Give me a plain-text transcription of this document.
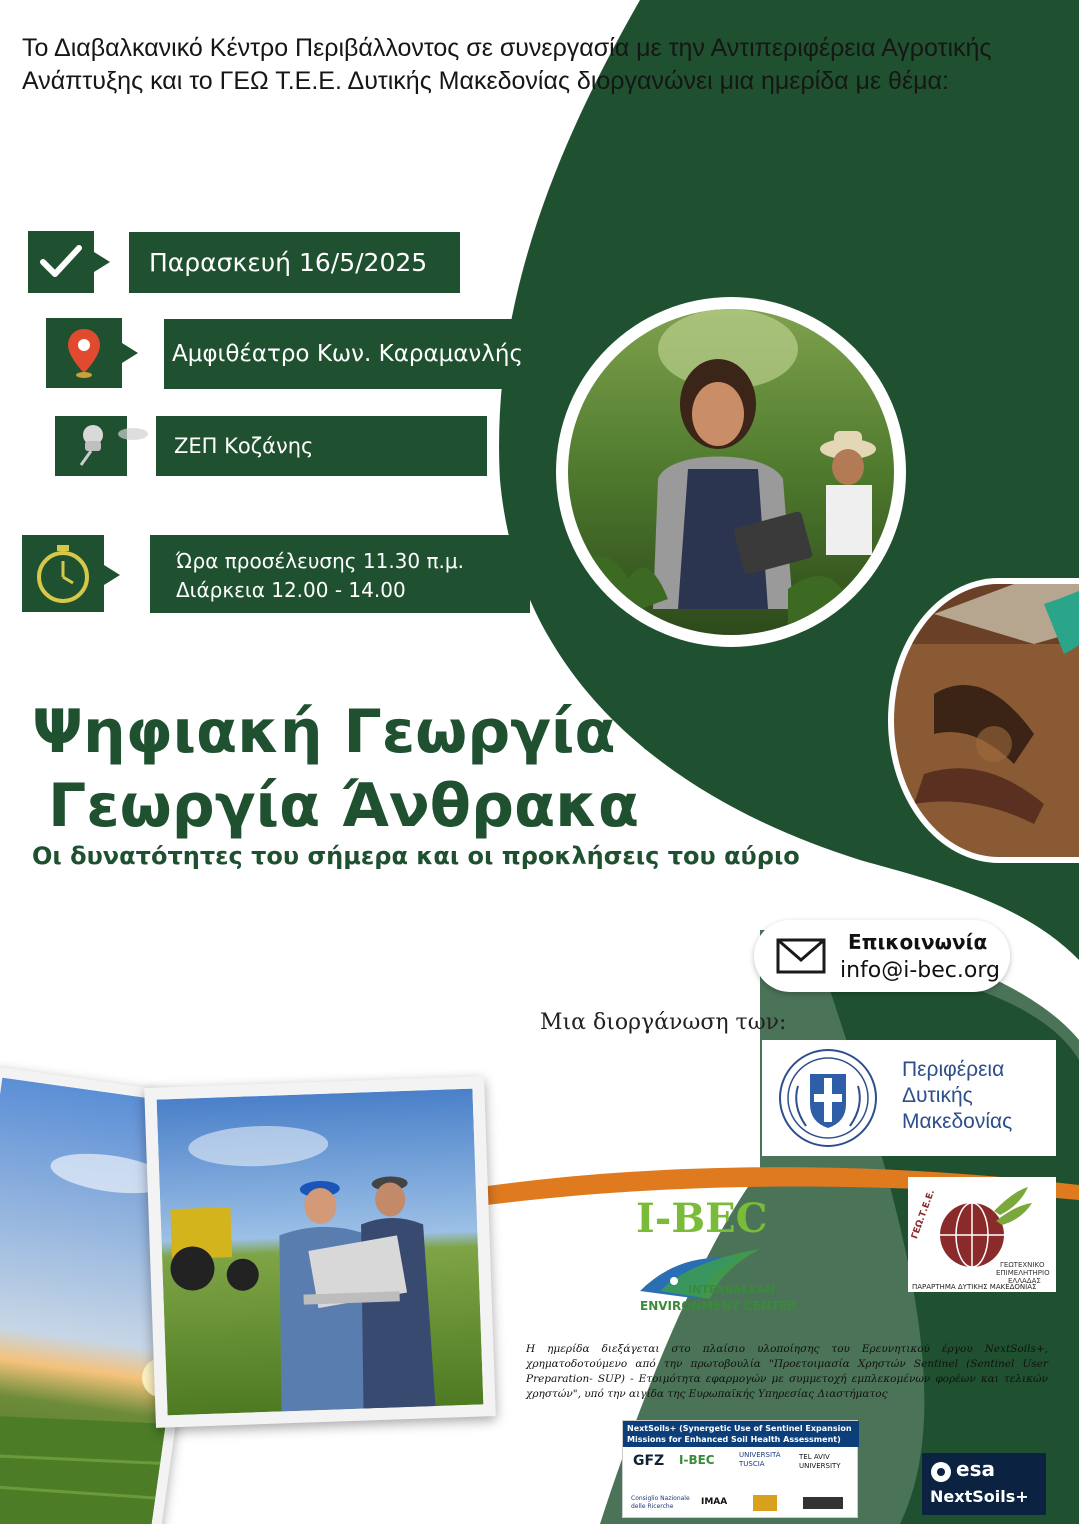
Το Διαβαλκανικό Κέντρο Περιβάλλοντος σε συνεργασία με την Αντιπεριφέρεια Αγροτικής Ανάπτυξης και το ΓΕΩ Τ.Ε.Ε. Δυτικής Μακεδονίας διοργανώνει μια ημερίδα με θέμα:
Παρασκευή 16/5/2025
Αμφιθέατρο Κων. Καραμανλής
ΖΕΠ Κοζάνης
Ώρα προσέλευσης 11.30 π.μ.
Διάρκεια 12.00 - 14.00
Ψηφιακή Γεωργία &
Γεωργία Άνθρακα
Οι δυνατότητες του σήμερα και οι προκλήσεις του αύριο
Επικοινωνία
info@i-bec.org
Μια διοργάνωση των:
Περιφέρεια
Δυτικής
Μακεδονίας
I-BEC
INTERBALKAN
ENVIRONMENT CENTER
ΓΕΩ.Τ.Ε.Ε.
ΓΕΩΤΕΧΝΙΚΟ
ΕΠΙΜΕΛΗΤΗΡΙΟ
ΕΛΛΑΔΑΣ
ΠΑΡΑΡΤΗΜΑ ΔΥΤΙΚΗΣ ΜΑΚΕΔΟΝΙΑΣ
Η ημερίδα διεξάγεται στο πλαίσιο υλοποίησης του Ερευνητικού έργου NextSoils+, χρηματοδοτούμενο από την πρωτοβουλία "Προετοιμασία Χρηστών Sentinel (Sentinel User Preparation- SUP) - Ετοιμότητα εφαρμογών με συμμετοχή εμπλεκομένων φορέων και τελικών χρηστών", υπό την αιγίδα της Ευρωπαϊκής Υπηρεσίας Διαστήματος
NextSoils+ (Synergetic Use of Sentinel Expansion Missions for Enhanced Soil Health Assessment)
GFZ I-BEC	UNIVERSITÀ TUSCIA
TEL AVIV UNIVERSITY
Consiglio Nazionale delle Ricerche	IMAA
esa
NextSoils+
